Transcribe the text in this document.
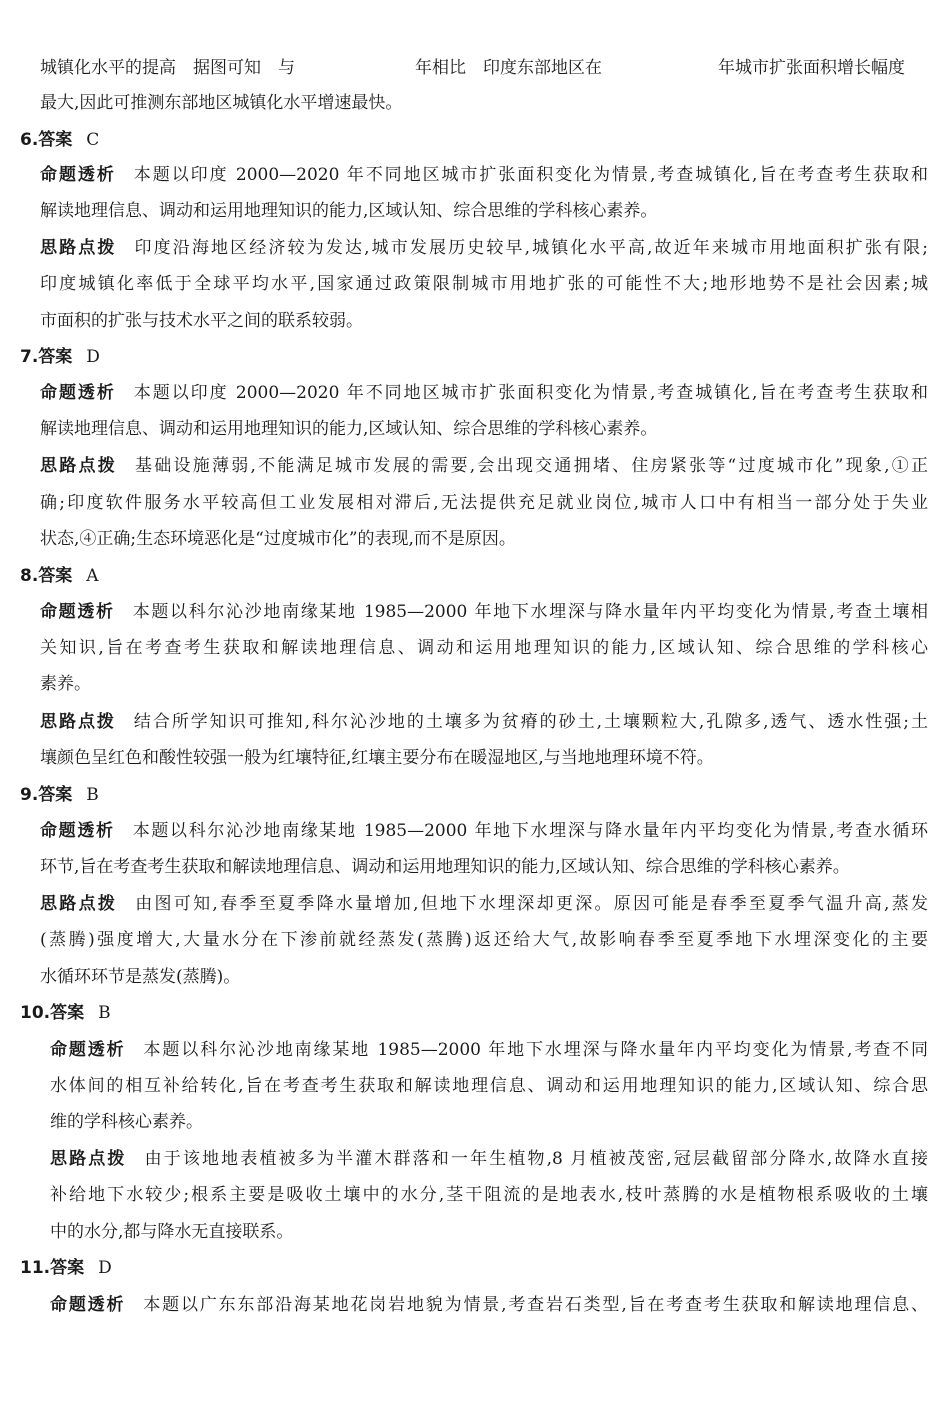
城镇化水平的提高　据图可知　与	年相比　印度东部地区在	年城市扩张面积增长幅度
最大,因此可推测东部地区城镇化水平增速最快。
6.答案 C
命题透析 本题以印度 2000—2020 年不同地区城市扩张面积变化为情景,考查城镇化,旨在考查考生获取和
解读地理信息、调动和运用地理知识的能力,区域认知、综合思维的学科核心素养。
思路点拨 印度沿海地区经济较为发达,城市发展历史较早,城镇化水平高,故近年来城市用地面积扩张有限;
印度城镇化率低于全球平均水平,国家通过政策限制城市用地扩张的可能性不大;地形地势不是社会因素;城
市面积的扩张与技术水平之间的联系较弱。
7.答案 D
命题透析 本题以印度 2000—2020 年不同地区城市扩张面积变化为情景,考查城镇化,旨在考查考生获取和
解读地理信息、调动和运用地理知识的能力,区域认知、综合思维的学科核心素养。
思路点拨 基础设施薄弱,不能满足城市发展的需要,会出现交通拥堵、住房紧张等“过度城市化”现象,①正
确;印度软件服务水平较高但工业发展相对滞后,无法提供充足就业岗位,城市人口中有相当一部分处于失业
状态,④正确;生态环境恶化是“过度城市化”的表现,而不是原因。
8.答案 A
命题透析 本题以科尔沁沙地南缘某地 1985—2000 年地下水埋深与降水量年内平均变化为情景,考查土壤相
关知识,旨在考查考生获取和解读地理信息、调动和运用地理知识的能力,区域认知、综合思维的学科核心
素养。
思路点拨 结合所学知识可推知,科尔沁沙地的土壤多为贫瘠的砂土,土壤颗粒大,孔隙多,透气、透水性强;土
壤颜色呈红色和酸性较强一般为红壤特征,红壤主要分布在暖湿地区,与当地地理环境不符。
9.答案 B
命题透析 本题以科尔沁沙地南缘某地 1985—2000 年地下水埋深与降水量年内平均变化为情景,考查水循环
环节,旨在考查考生获取和解读地理信息、调动和运用地理知识的能力,区域认知、综合思维的学科核心素养。
思路点拨 由图可知,春季至夏季降水量增加,但地下水埋深却更深。原因可能是春季至夏季气温升高,蒸发
(蒸腾)强度增大,大量水分在下渗前就经蒸发(蒸腾)返还给大气,故影响春季至夏季地下水埋深变化的主要
水循环环节是蒸发(蒸腾)。
10.答案 B
命题透析 本题以科尔沁沙地南缘某地 1985—2000 年地下水埋深与降水量年内平均变化为情景,考查不同
水体间的相互补给转化,旨在考查考生获取和解读地理信息、调动和运用地理知识的能力,区域认知、综合思
维的学科核心素养。
思路点拨 由于该地地表植被多为半灌木群落和一年生植物,8 月植被茂密,冠层截留部分降水,故降水直接
补给地下水较少;根系主要是吸收土壤中的水分,茎干阻流的是地表水,枝叶蒸腾的水是植物根系吸收的土壤
中的水分,都与降水无直接联系。
11.答案 D
命题透析 本题以广东东部沿海某地花岗岩地貌为情景,考查岩石类型,旨在考查考生获取和解读地理信息、
